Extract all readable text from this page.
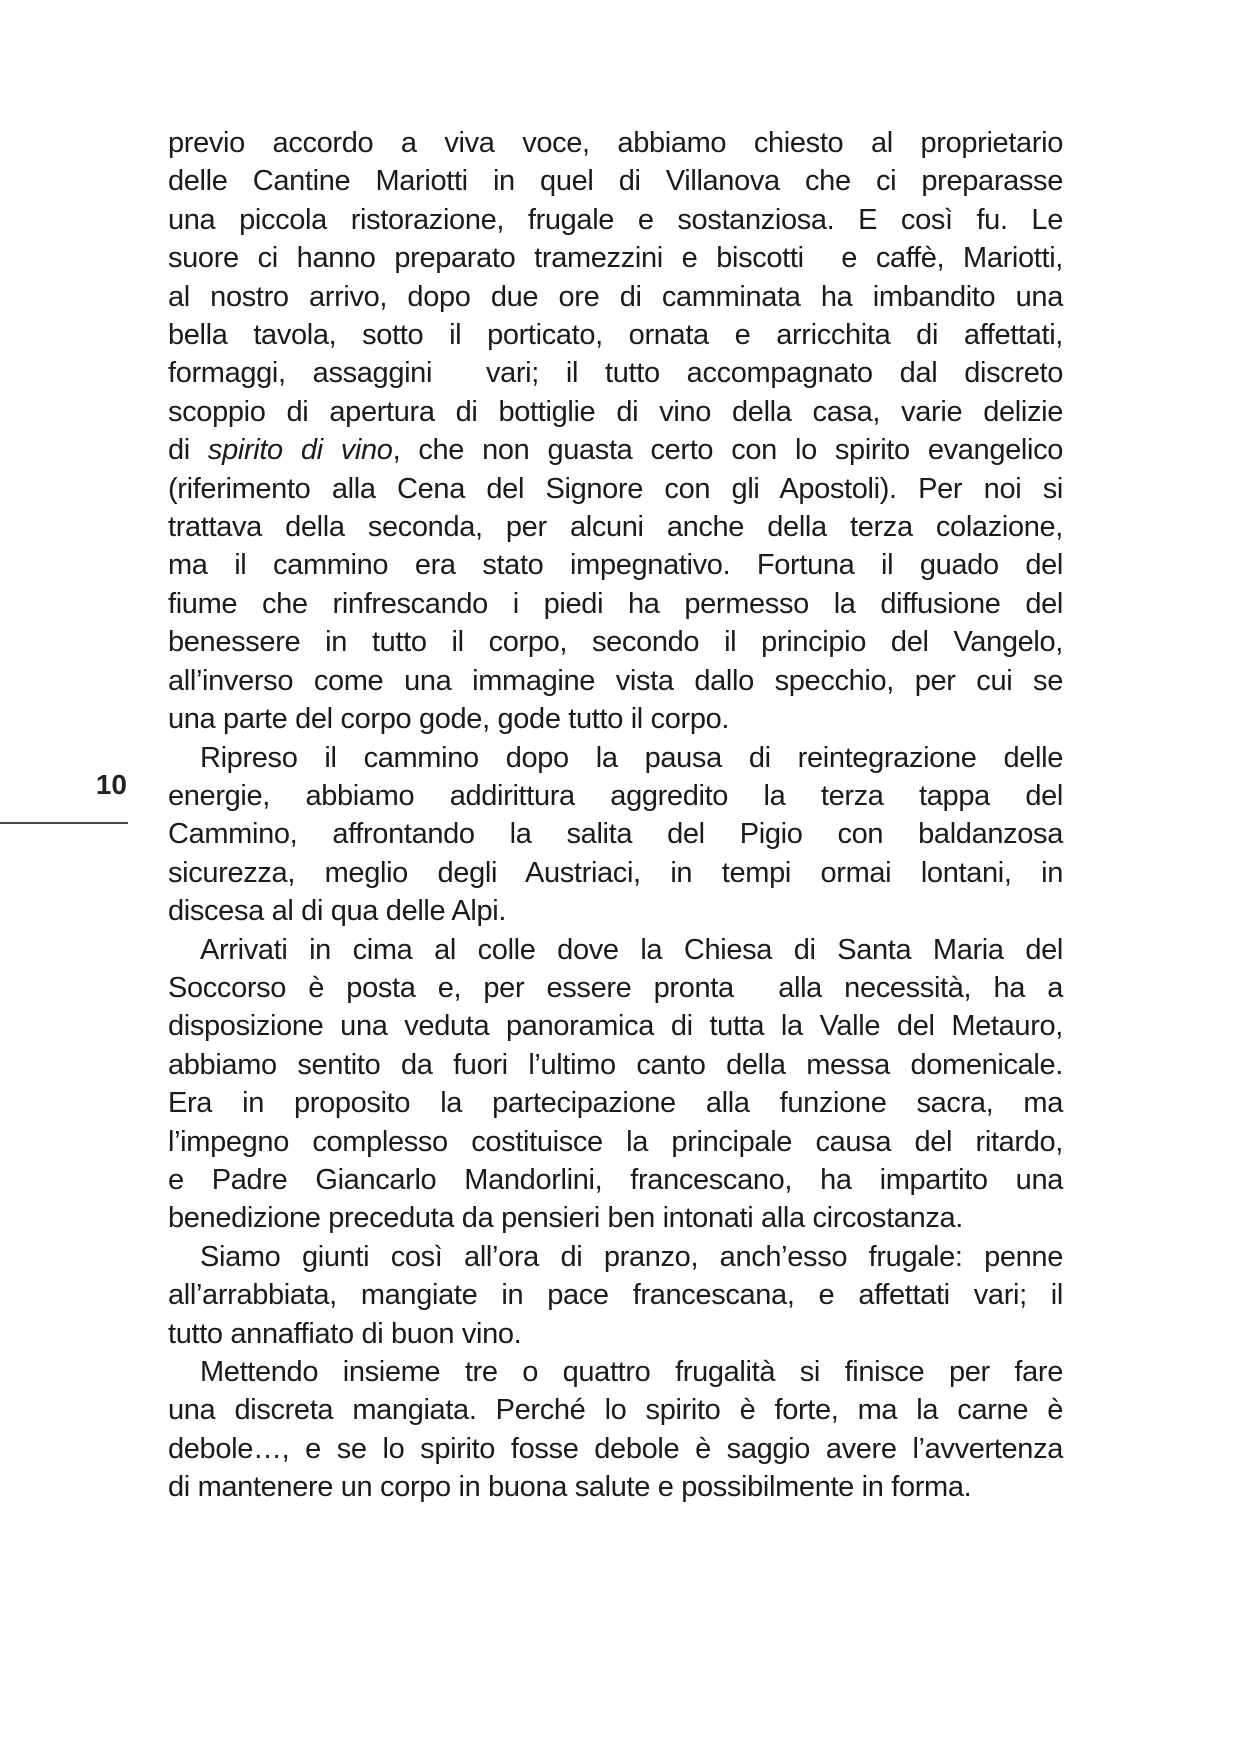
10
previo accordo a viva voce, abbiamo chiesto al proprietario
delle Cantine Mariotti in quel di Villanova che ci preparasse
una piccola ristorazione, frugale e sostanziosa. E così fu. Le
suore ci hanno preparato tramezzini e biscotti  e caffè, Mariotti,
al nostro arrivo, dopo due ore di camminata ha imbandito una
bella tavola, sotto il porticato, ornata e arricchita di affettati,
formaggi, assaggini  vari; il tutto accompagnato dal discreto
scoppio di apertura di bottiglie di vino della casa, varie delizie
di spirito di vino, che non guasta certo con lo spirito evangelico
(riferimento alla Cena del Signore con gli Apostoli). Per noi si
trattava della seconda, per alcuni anche della terza colazione,
ma il cammino era stato impegnativo. Fortuna il guado del
fiume che rinfrescando i piedi ha permesso la diffusione del
benessere in tutto il corpo, secondo il principio del Vangelo,
all’inverso come una immagine vista dallo specchio, per cui se
una parte del corpo gode, gode tutto il corpo.
Ripreso il cammino dopo la pausa di reintegrazione delle
energie, abbiamo addirittura aggredito la terza tappa del
Cammino, affrontando la salita del Pigio con baldanzosa
sicurezza, meglio degli Austriaci, in tempi ormai lontani, in
discesa al di qua delle Alpi.
Arrivati in cima al colle dove la Chiesa di Santa Maria del
Soccorso è posta e, per essere pronta  alla necessità, ha a
disposizione una veduta panoramica di tutta la Valle del Metauro,
abbiamo sentito da fuori l’ultimo canto della messa domenicale.
Era in proposito la partecipazione alla funzione sacra, ma
l’impegno complesso costituisce la principale causa del ritardo,
e Padre Giancarlo Mandorlini, francescano, ha impartito una
benedizione preceduta da pensieri ben intonati alla circostanza.
Siamo giunti così all’ora di pranzo, anch’esso frugale: penne
all’arrabbiata, mangiate in pace francescana, e affettati vari; il
tutto annaffiato di buon vino.
Mettendo insieme tre o quattro frugalità si finisce per fare
una discreta mangiata. Perché lo spirito è forte, ma la carne è
debole…, e se lo spirito fosse debole è saggio avere l’avvertenza
di mantenere un corpo in buona salute e possibilmente in forma.
